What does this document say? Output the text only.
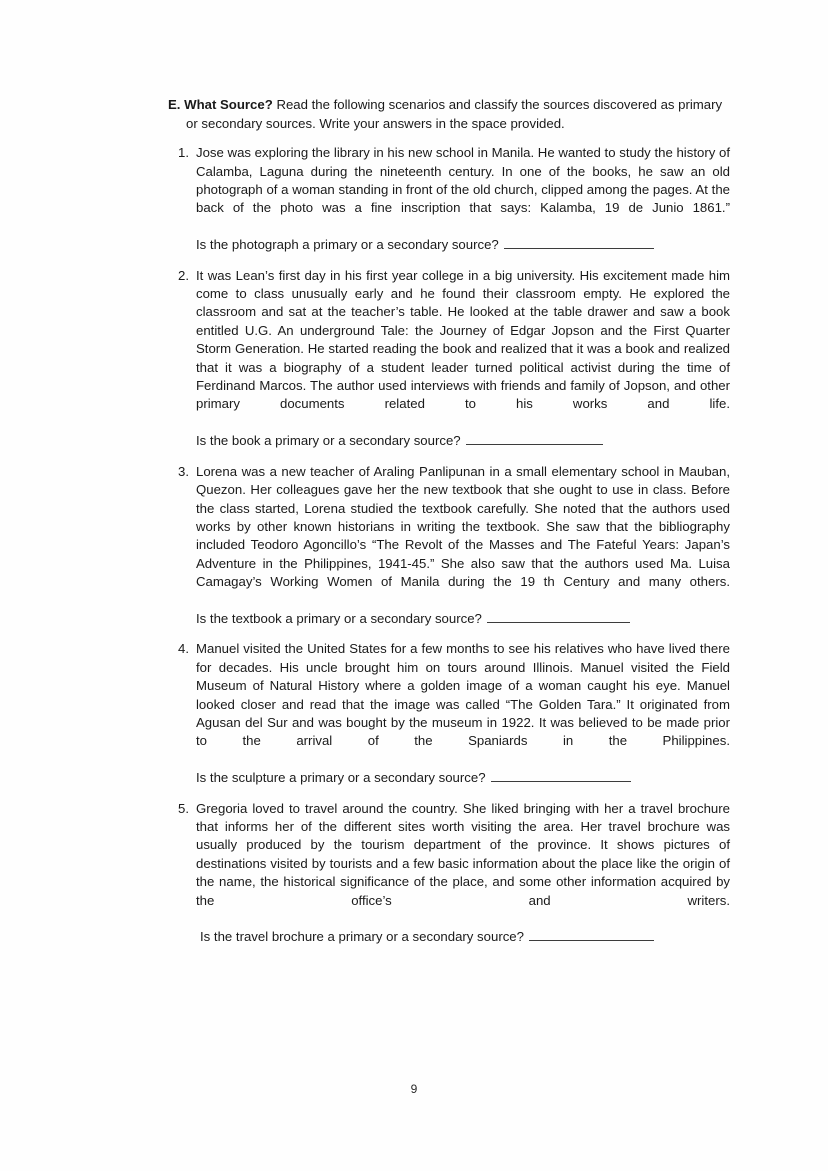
E. What Source? Read the following scenarios and classify the sources discovered as primary or secondary sources. Write your answers in the space provided.
1. Jose was exploring the library in his new school in Manila. He wanted to study the history of Calamba, Laguna during the nineteenth century. In one of the books, he saw an old photograph of a woman standing in front of the old church, clipped among the pages. At the back of the photo was a fine inscription that says: Kalamba, 19 de Junio 1861.”
Is the photograph a primary or a secondary source?
2. It was Lean’s first day in his first year college in a big university. His excitement made him come to class unusually early and he found their classroom empty. He explored the classroom and sat at the teacher’s table. He looked at the table drawer and saw a book entitled U.G. An underground Tale: the Journey of Edgar Jopson and the First Quarter Storm Generation. He started reading the book and realized that it was a book and realized that it was a biography of a student leader turned political activist during the time of Ferdinand Marcos. The author used interviews with friends and family of Jopson, and other primary documents related to his works and life.
Is the book a primary or a secondary source?
3. Lorena was a new teacher of Araling Panlipunan in a small elementary school in Mauban, Quezon. Her colleagues gave her the new textbook that she ought to use in class. Before the class started, Lorena studied the textbook carefully. She noted that the authors used works by other known historians in writing the textbook. She saw that the bibliography included Teodoro Agoncillo’s “The Revolt of the Masses and The Fateful Years: Japan’s Adventure in the Philippines, 1941-45.” She also saw that the authors used Ma. Luisa Camagay’s Working Women of Manila during the 19 th Century and many others.
Is the textbook a primary or a secondary source?
4. Manuel visited the United States for a few months to see his relatives who have lived there for decades. His uncle brought him on tours around Illinois. Manuel visited the Field Museum of Natural History where a golden image of a woman caught his eye. Manuel looked closer and read that the image was called “The Golden Tara.” It originated from Agusan del Sur and was bought by the museum in 1922. It was believed to be made prior to the arrival of the Spaniards in the Philippines.
Is the sculpture a primary or a secondary source?
5. Gregoria loved to travel around the country. She liked bringing with her a travel brochure that informs her of the different sites worth visiting the area. Her travel brochure was usually produced by the tourism department of the province. It shows pictures of destinations visited by tourists and a few basic information about the place like the origin of the name, the historical significance of the place, and some other information acquired by the office’s and writers.
Is the travel brochure a primary or a secondary source?
9
